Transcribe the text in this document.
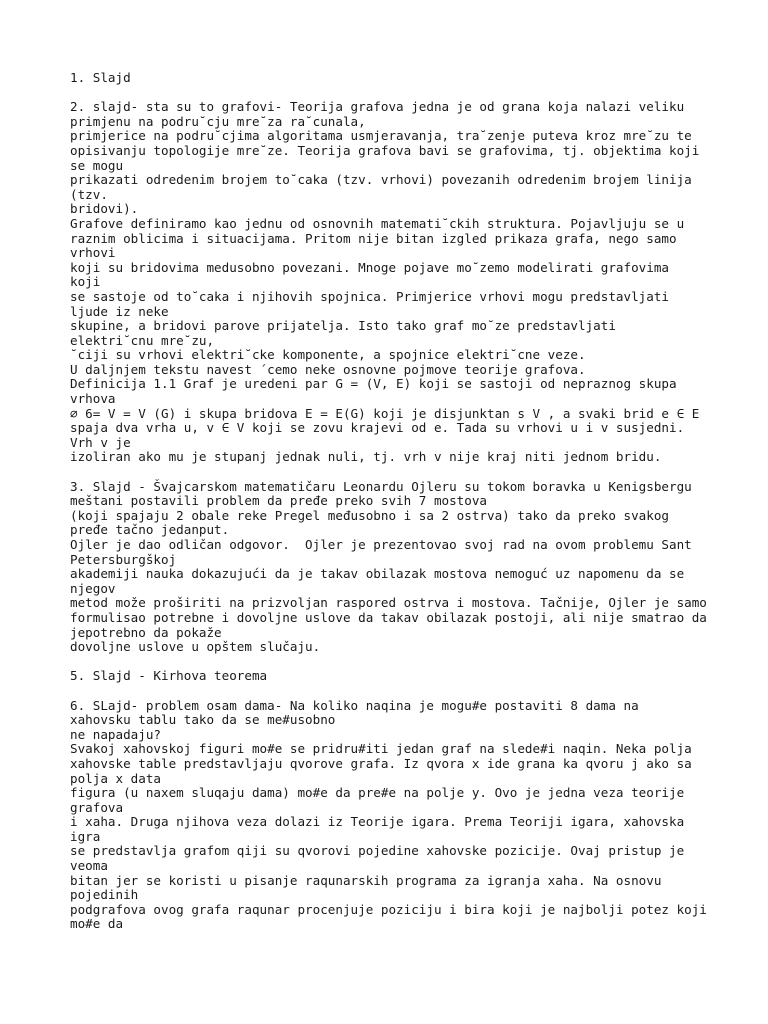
1. Slajd
2. slajd- sta su to grafovi- Teorija grafova jedna je od grana koja nalazi veliku
primjenu na podru˘cju mre˘za ra˘cunala,
primjerice na podru˘cjima algoritama usmjeravanja, tra˘zenje puteva kroz mre˘zu te
opisivanju topologije mre˘ze. Teorija grafova bavi se grafovima, tj. objektima koji
se mogu
prikazati odredenim brojem to˘caka (tzv. vrhovi) povezanih odredenim brojem linija
(tzv.
bridovi).
Grafove definiramo kao jednu od osnovnih matemati˘ckih struktura. Pojavljuju se u
raznim oblicima i situacijama. Pritom nije bitan izgled prikaza grafa, nego samo
vrhovi
koji su bridovima medusobno povezani. Mnoge pojave mo˘zemo modelirati grafovima
koji
se sastoje od to˘caka i njihovih spojnica. Primjerice vrhovi mogu predstavljati
ljude iz neke
skupine, a bridovi parove prijatelja. Isto tako graf mo˘ze predstavljati
elektri˘cnu mre˘zu,
˘ciji su vrhovi elektri˘cke komponente, a spojnice elektri˘cne veze.
U daljnjem tekstu navest ´cemo neke osnovne pojmove teorije grafova.
Definicija 1.1 Graf je uredeni par G = (V, E) koji se sastoji od nepraznog skupa
vrhova
∅ 6= V = V (G) i skupa bridova E = E(G) koji je disjunktan s V , a svaki brid e ∈ E
spaja dva vrha u, v ∈ V koji se zovu krajevi od e. Tada su vrhovi u i v susjedni.
Vrh v je
izoliran ako mu je stupanj jednak nuli, tj. vrh v nije kraj niti jednom bridu.
3. Slajd - Švajcarskom matematičaru Leonardu Ojleru su tokom boravka u Kenigsbergu
meštani postavili problem da pređe preko svih 7 mostova
(koji spajaju 2 obale reke Pregel međusobno i sa 2 ostrva) tako da preko svakog
pređe tačno jedanput.
Ojler je dao odličan odgovor.  Ojler je prezentovao svoj rad na ovom problemu Sant
Petersburgškoj
akademiji nauka dokazujući da je takav obilazak mostova nemoguć uz napomenu da se
njegov
metod može proširiti na prizvoljan raspored ostrva i mostova. Tačnije, Ojler je samo
formulisao potrebne i dovoljne uslove da takav obilazak postoji, ali nije smatrao da
jepotrebno da pokaže
dovoljne uslove u opštem slučaju.
5. Slajd - Kirhova teorema
6. SLajd- problem osam dama- Na koliko naqina je mogu#e postaviti 8 dama na
xahovsku tablu tako da se me#usobno
ne napadaju?
Svakoj xahovskoj figuri mo#e se pridru#iti jedan graf na slede#i naqin. Neka polja
xahovske table predstavljaju qvorove grafa. Iz qvora x ide grana ka qvoru j ako sa
polja x data
figura (u naxem sluqaju dama) mo#e da pre#e na polje y. Ovo je jedna veza teorije
grafova
i xaha. Druga njihova veza dolazi iz Teorije igara. Prema Teoriji igara, xahovska
igra
se predstavlja grafom qiji su qvorovi pojedine xahovske pozicije. Ovaj pristup je
veoma
bitan jer se koristi u pisanje raqunarskih programa za igranja xaha. Na osnovu
pojedinih
podgrafova ovog grafa raqunar procenjuje poziciju i bira koji je najbolji potez koji
mo#e da
